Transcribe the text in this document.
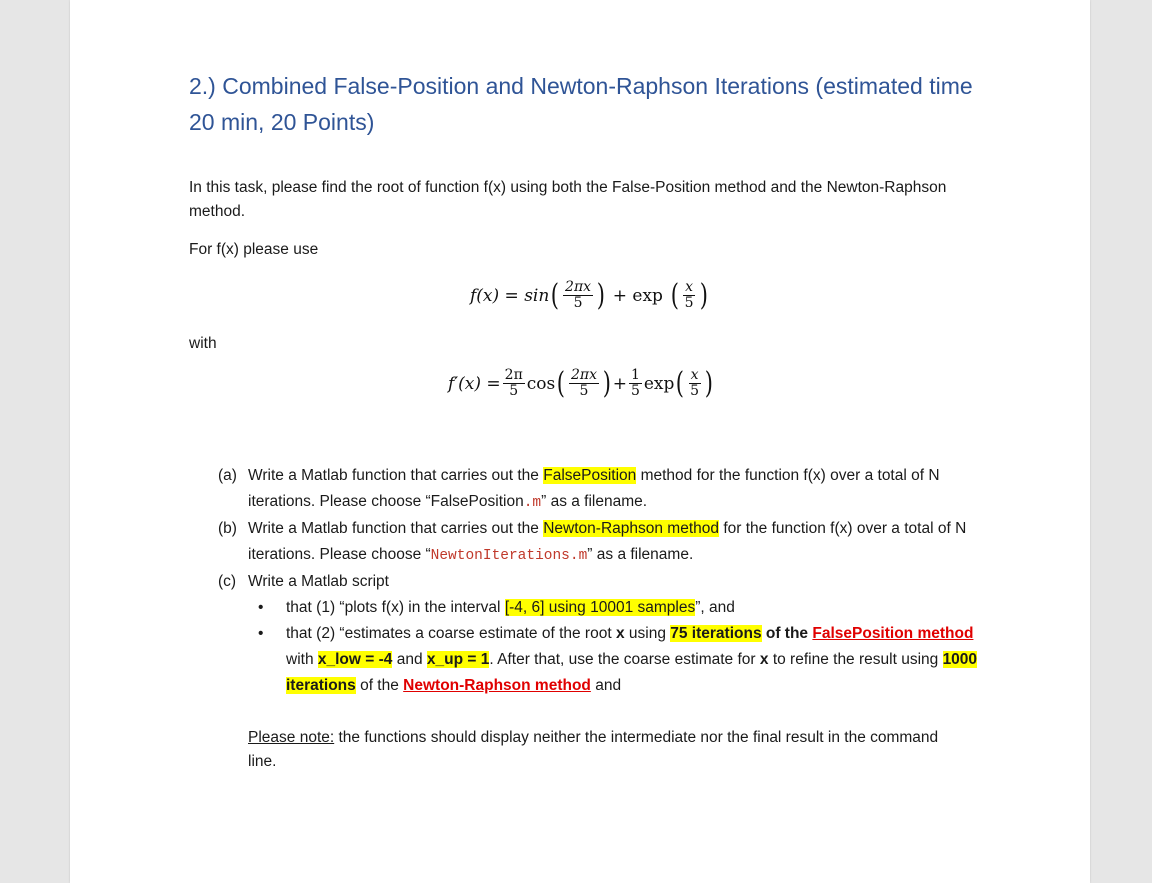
2.) Combined False-Position and Newton-Raphson Iterations (estimated time 20 min, 20 Points)
In this task, please find the root of function f(x) using both the False-Position method and the Newton-Raphson method.
For f(x) please use
f(x) = sin ( $\frac{2\pi x}{5}$ ) + exp ( $\frac{x}{5}$ )
with
$f'(x) = \frac{2\pi}{5}$ cos ( $\frac{2\pi x}{5}$ ) + $\frac{1}{5}$ exp ( $\frac{x}{5}$ )
(a) Write a Matlab function that carries out the FalsePosition method for the function f(x) over a total of N iterations. Please choose “FalsePosition.m” as a filename.
(b) Write a Matlab function that carries out the Newton-Raphson method for the function f(x) over a total of N iterations. Please choose “NewtonIterations.m” as a filename.
(c) Write a Matlab script
• that (1) “plots f(x) in the interval [-4, 6] using 10001 samples”, and
• that (2) “estimates a coarse estimate of the root x using 75 iterations of the FalsePosition method with x_low = -4 and x_up = 1. After that, use the coarse estimate for x to refine the result using 1000 iterations of the Newton-Raphson method and
Please note: the functions should display neither the intermediate nor the final result in the command line.
